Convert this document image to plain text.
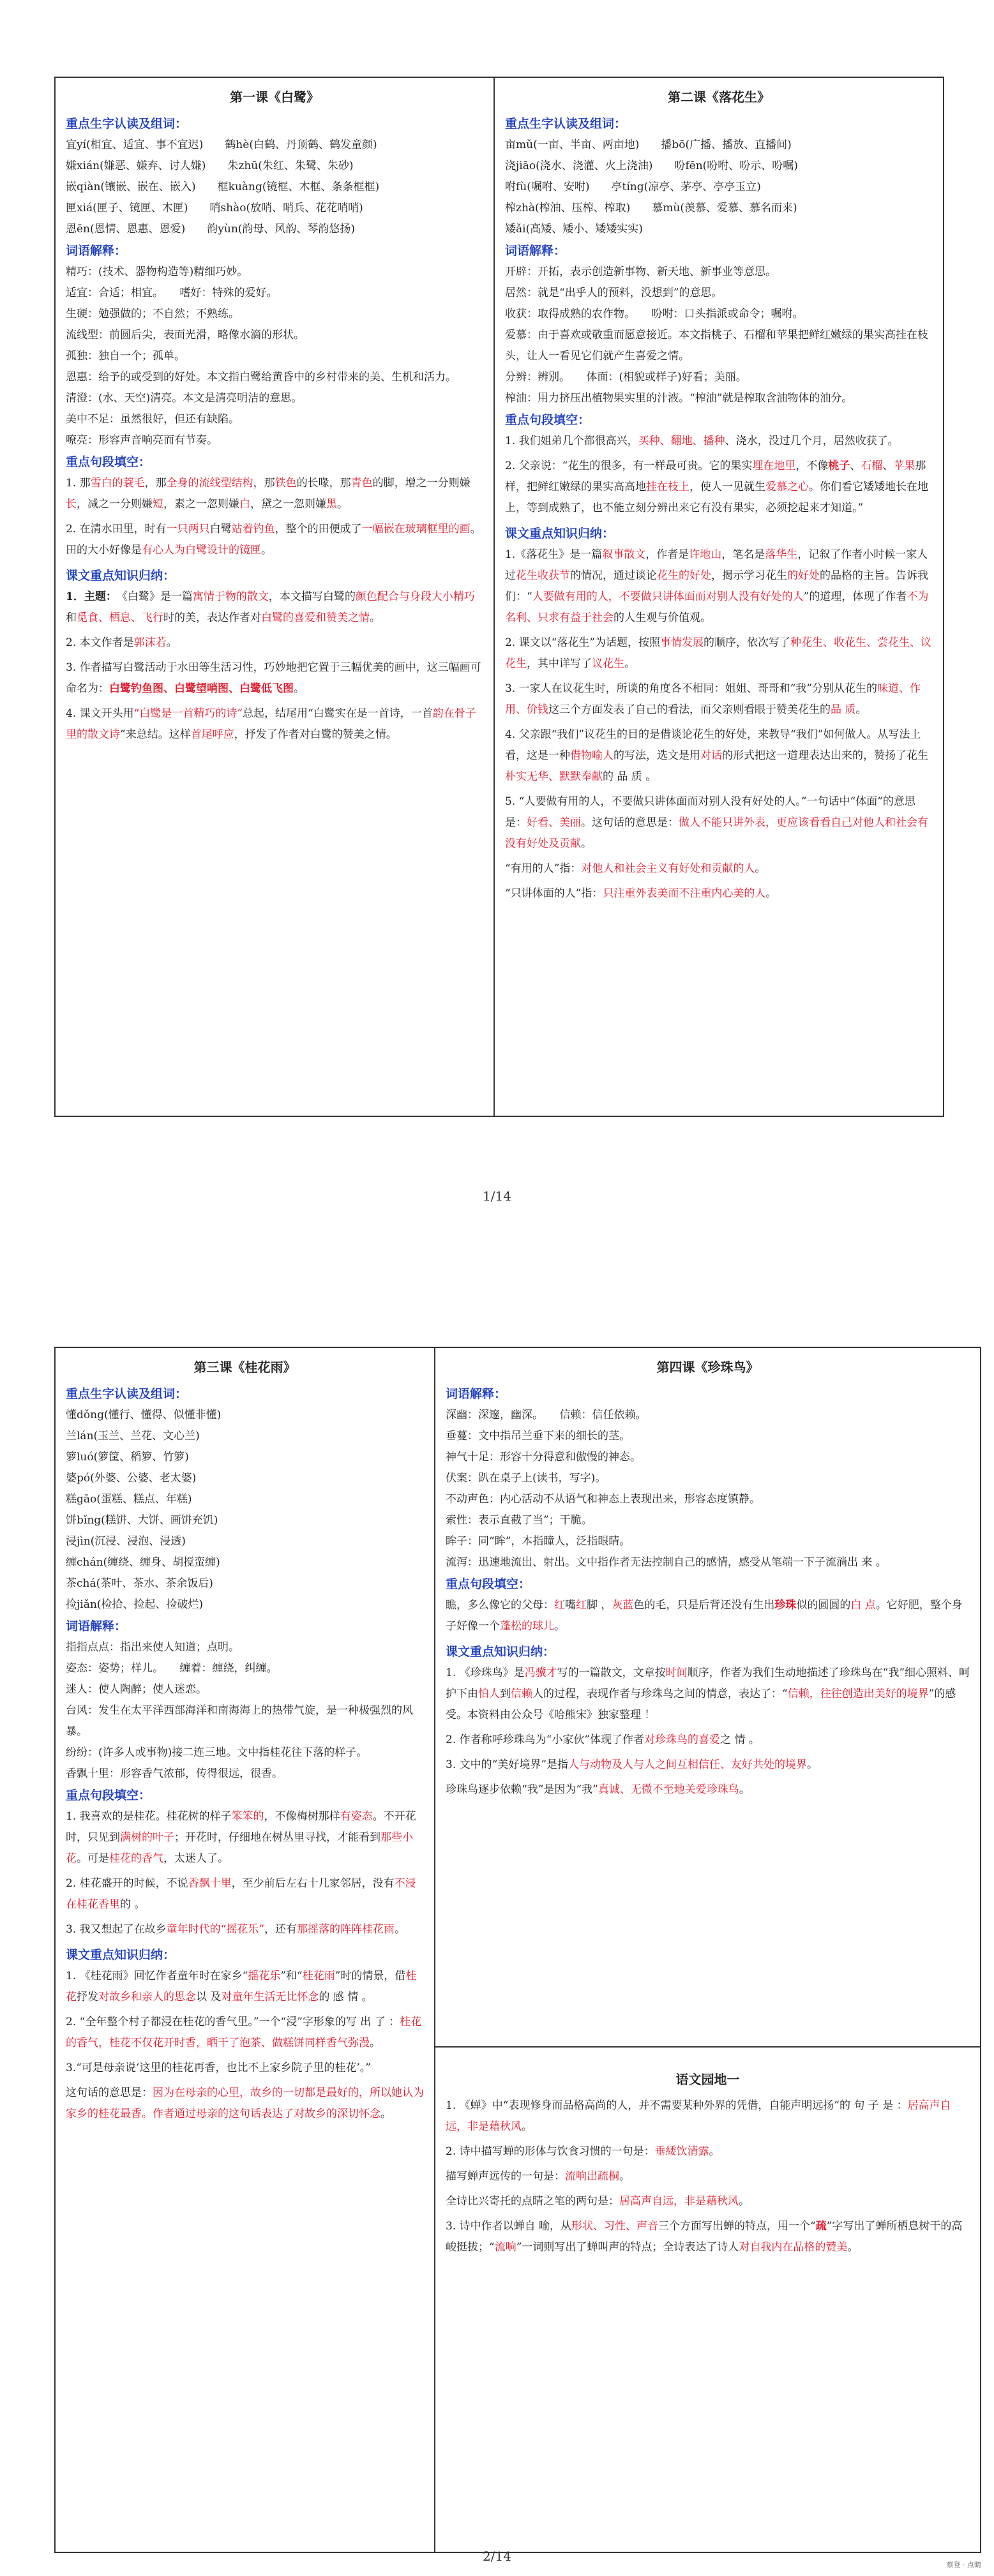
第一课《白鹭》
重点生字认读及组词：

宜yí(相宜、适宜、事不宜迟)　　鹤hè(白鹤、丹顶鹤、鹤发童颜)

嫌xián(嫌恶、嫌弃、讨人嫌)　　朱zhū(朱红、朱鹭、朱砂)

嵌qiàn(镶嵌、嵌在、嵌入)　　框kuàng(镜框、木框、条条框框)

匣xiá(匣子、镜匣、木匣)　　哨shào(放哨、哨兵、花花哨哨)

恩ēn(恩情、恩惠、恩爱)　　韵yùn(韵母、风韵、琴韵悠扬)

词语解释：

精巧：(技术、器物构造等)精细巧妙。

适宜：合适；相宜。　　嗜好：特殊的爱好。

生硬：勉强做的；不自然；不熟练。

流线型：前圆后尖，表面光滑，略像水滴的形状。

孤独：独自一个；孤单。

恩惠：给予的或受到的好处。本文指白鹭给黄昏中的乡村带来的美、生机和活力。

清澄：(水、天空)清亮。本文是清亮明洁的意思。

美中不足：虽然很好，但还有缺陷。

嘹亮：形容声音响亮而有节奏。

重点句段填空：

1. 那雪白的蓑毛，那全身的流线型结构，那铁色的长喙，那青色的脚，增之一分则嫌长，减之一分则嫌短，素之一忽则嫌白，黛之一忽则嫌黑。

2. 在清水田里，时有一只两只白鹭站着钓鱼，整个的田便成了一幅嵌在玻璃框里的画。田的大小好像是有心人为白鹭设计的镜匣。

课文重点知识归纳：

1．主题：　《白鹭》是一篇寓情于物的散文，本文描写白鹭的颜色配合与身段大小精巧和觅食、栖息、飞行时的美，表达作者对白鹭的喜爱和赞美之情。

2. 本文作者是郭沫若。

3. 作者描写白鹭活动于水田等生活习性，巧妙地把它置于三幅优美的画中，这三幅画可命名为：白鹭钓鱼图、白鹭望哨图、白鹭低飞图。

4. 课文开头用“白鹭是一首精巧的诗”总起，结尾用“白鹭实在是一首诗，一首韵在骨子里的散文诗”来总结。这样首尾呼应，抒发了作者对白鹭的赞美之情。

第二课《落花生》
重点生字认读及组词：

亩mǔ(一亩、半亩、两亩地)　　播bō(广播、播放、直播间)

浇jiāo(浇水、浇灌、火上浇油)　　吩fēn(吩咐、吩示、吩嘱)

咐fù(嘱咐、安咐)　　亭tíng(凉亭、茅亭、亭亭玉立)

榨zhà(榨油、压榨、榨取)　　慕mù(羡慕、爱慕、慕名而来)

矮ǎi(高矮、矮小、矮矮实实)

词语解释：

开辟：开拓，表示创造新事物、新天地、新事业等意思。

居然：就是“出乎人的预料，没想到”的意思。

收获：取得成熟的农作物。　　吩咐：口头指派或命令；嘱咐。

爱慕：由于喜欢或敬重而愿意接近。本文指桃子、石榴和苹果把鲜红嫩绿的果实高挂在枝头，让人一看见它们就产生喜爱之情。

分辨：辨别。　　体面：(相貌或样子)好看；美丽。

榨油：用力挤压出植物果实里的汁液。“榨油”就是榨取含油物体的油分。

重点句段填空：

1. 我们姐弟几个都很高兴，买种、翻地、播种、浇水，没过几个月，居然收获了。

2. 父亲说：“花生的很多，有一样最可贵。它的果实埋在地里，不像桃子、石榴、苹果那样，把鲜红嫩绿的果实高高地挂在枝上，使人一见就生爱慕之心。你们看它矮矮地长在地上，等到成熟了，也不能立刻分辨出来它有没有果实，必须挖起来才知道。”

课文重点知识归纳：

1.《落花生》是一篇叙事散文，作者是许地山，笔名是落华生，记叙了作者小时候一家人过花生收获节的情况，通过谈论花生的好处，揭示学习花生的好处的品格的主旨。告诉我们：“人要做有用的人，不要做只讲体面而对别人没有好处的人”的道理，体现了作者不为名利、只求有益于社会的人生观与价值观。

2. 课文以“落花生”为话题，按照事情发展的顺序，依次写了种花生、收花生、尝花生、议花生，其中详写了议花生。

3. 一家人在议花生时，所谈的角度各不相同：姐姐、哥哥和“我”分别从花生的味道、作用、价钱这三个方面发表了自己的看法，而父亲则看眼于赞美花生的品 质。

4. 父亲跟“我们”议花生的目的是借谈论花生的好处，来教导“我们”如何做人。从写法上看，这是一种借物喻人的写法，选文是用对话的形式把这一道理表达出来的，赞扬了花生朴实无华、默默奉献的 品 质 。

5. “人要做有用的人，不要做只讲体面而对别人没有好处的人。”一句话中“体面”的意思是：好看、美丽。这句话的意思是：做人不能只讲外表，更应该看看自己对他人和社会有没有好处及贡献。

“有用的人”指：对他人和社会主义有好处和贡献的人。

“只讲体面的人”指：只注重外表美而不注重内心美的人。

1/14
第三课《桂花雨》
重点生字认读及组词：

懂dǒng(懂行、懂得、似懂非懂)

兰lán(玉兰、兰花、文心兰)

箩luó(箩筐、稻箩、竹箩)

婆pó(外婆、公婆、老太婆)

糕gāo(蛋糕、糕点、年糕)

饼bǐng(糕饼、大饼、画饼充饥)

浸jìn(沉浸、浸泡、浸透)

缠chán(缠绕、缠身、胡搅蛮缠)

茶chá(茶叶、茶水、茶余饭后)

捡jiǎn(检拾、捡起、捡破烂)

词语解释：

指指点点：指出来使人知道；点明。

姿态：姿势；样儿。　　缠着：缠绕，纠缠。

迷人：使人陶醉；使人迷恋。

台风：发生在太平洋西部海洋和南海海上的热带气旋，是一种极强烈的风暴。

纷纷：(许多人或事物)接二连三地。文中指桂花往下落的样子。

香飘十里：形容香气浓郁，传得很远，很香。

重点句段填空：

1. 我喜欢的是桂花。桂花树的样子笨笨的，不像梅树那样有姿态。不开花时，只见到满树的叶子；开花时，仔细地在树丛里寻找，才能看到那些小花。可是桂花的香气，太迷人了。

2. 桂花盛开的时候，不说香飘十里，至少前后左右十几家邻居，没有不浸在桂花香里的 。

3. 我又想起了在故乡童年时代的“摇花乐”，还有那摇落的阵阵桂花雨。

课文重点知识归纳：

1. 《桂花雨》回忆作者童年时在家乡“摇花乐”和“桂花雨”时的情景，借桂花抒发对故乡和亲人的思念以 及对童年生活无比怀念的 感 情 。

2. “全年整个村子都浸在桂花的香气里。”一个“浸”字形象的写 出 了 ：桂花的香气，桂花不仅花开时香，晒干了泡茶、做糕饼同样香气弥漫。

3.“可是母亲说‘这里的桂花再香，也比不上家乡院子里的桂花’。”

这句话的意思是：因为在母亲的心里，故乡的一切都是最好的，所以她认为家乡的桂花最香。作者通过母亲的这句话表达了对故乡的深切怀念。

第四课《珍珠鸟》
词语解释：

深幽：深邃，幽深。　　信赖：信任依赖。

垂蔓：文中指吊兰垂下来的细长的茎。

神气十足：形容十分得意和傲慢的神态。

伏案：趴在桌子上(读书，写字)。

不动声色：内心活动不从语气和神态上表现出来，形容态度镇静。

索性：表示直截了当”；干脆。

眸子：同“眸”，本指瞳人，泛指眼睛。

流泻：迅速地流出、射出。文中指作者无法控制自己的感情，感受从笔端一下子流淌出 来 。

重点句段填空：

瞧，多么像它的父母：红嘴红脚 ，灰蓝色的毛，只是后背还没有生出珍珠似的圆圆的白 点。它好肥，整个身子好像一个蓬松的球儿。

课文重点知识归纳：

1. 《珍珠鸟》是冯骥才写的一篇散文，文章按时间顺序，作者为我们生动地描述了珍珠鸟在“我”细心照料、呵护下由怕人到信赖人的过程，表现作者与珍珠鸟之间的情意，表达了：“信赖，往往创造出美好的境界”的感受。本资料由公众号《哈熊宋》独家整理 ！

2. 作者称呼珍珠鸟为“小家伙”体现了作者对珍珠鸟的喜爱之 情 。

3. 文中的“美好境界”是指人与动物及人与人之间互相信任、友好共处的境界。

珍珠鸟逐步依赖“我”是因为“我”真诚、无微不至地关爱珍珠鸟。

语文园地一

1. 《蝉》中“表现修身而品格高尚的人，并不需要某种外界的凭借，自能声明远扬”的 句 子 是 ：居高声自远，非是藉秋风。

2. 诗中描写蝉的形体与饮食习惯的一句是：垂緌饮清露。

描写蝉声远传的一句是：流响出疏桐。

全诗比兴寄托的点睛之笔的两句是：居高声自远，非是藉秋风。

3. 诗中作者以蝉自 喻，从形状、习性、声音三个方面写出蝉的特点，用一个“疏”字写出了蝉所栖息树干的高峻挺拔；“流响”一词则写出了蝉叫声的特点；全诗表达了诗人对自我内在品格的赞美。

2/14
蔡登 · 点睛
